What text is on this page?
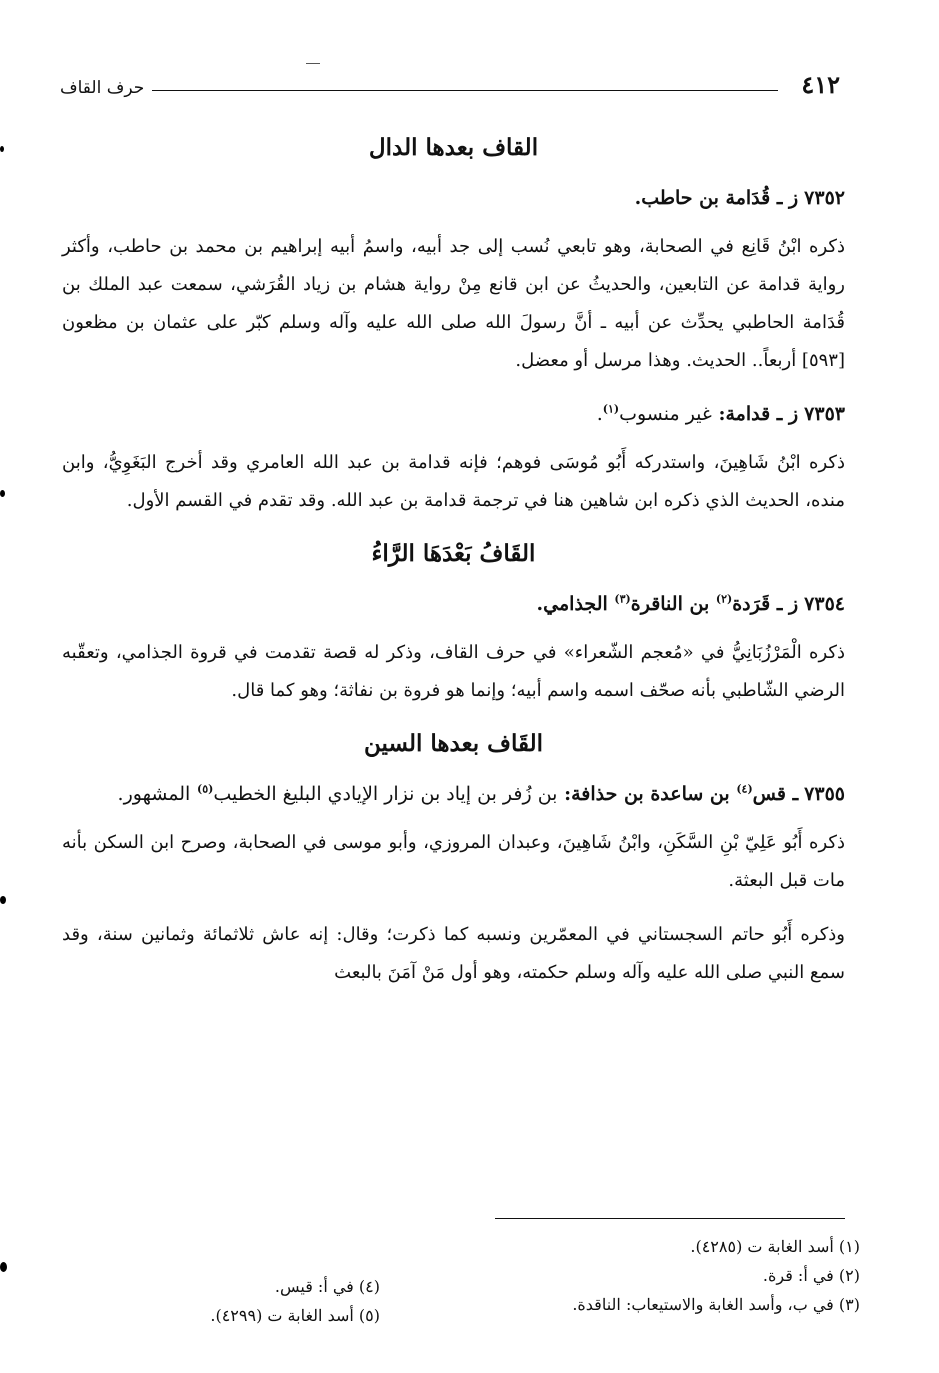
٤١٢
حرف القاف
القاف بعدها الدال
٧٣٥٢ز ـ قُدَامة بن حاطب.

ذكره ابْنُ قَانِع في الصحابة، وهو تابعي نُسب إلى جد أبيه، واسمُ أبيه إبراهيم بن محمد بن حاطب، وأكثر رواية قدامة عن التابعين، والحديثُ عن ابن قانع مِنْ رواية هشام بن زياد القُرَشي، سمعت عبد الملك بن قُدَامة الحاطبي يحدِّث عن أبيه ـ أنَّ رسولَ الله صلى الله عليه وآله وسلم كبّر على عثمان بن مظعون [٥٩٣] أربعاً.. الحديث. وهذا مرسل أو معضل.

٧٣٥٣ز ـ قدامة: غير منسوب$^{(١)}$.

ذكره ابْنُ شَاهِينَ، واستدركه أَبُو مُوسَى فوهم؛ فإنه قدامة بن عبد الله العامري وقد أخرج البَغَوِيُّ، وابن منده، الحديث الذي ذكره ابن شاهين هنا في ترجمة قدامة بن عبد الله. وقد تقدم في القسم الأول.

القَافُ بَعْدَهَا الرَّاءُ
٧٣٥٤ز ـ قَرَدة$^{(٢)}$ بن الناقرة$^{(٣)}$ الجذامي.

ذكره الْمَرْزُبَانِيُّ في «مُعجم الشّعراء» في حرف القاف، وذكر له قصة تقدمت في قروة الجذامي، وتعقّبه الرضي الشّاطبي بأنه صحّف اسمه واسم أبيه؛ وإنما هو فروة بن نفاثة؛ وهو كما قال.

القَاف بعدها السين
٧٣٥٥ـ قس$^{(٤)}$ بن ساعدة بن حذافة: بن زُفر بن إياد بن نزار الإيادي البليغ الخطيب$^{(٥)}$ المشهور.

ذكره أَبُو عَلِيّ بْنِ السَّكَنِ، وابْنُ شَاهِينَ، وعبدان المروزي، وأبو موسى في الصحابة، وصرح ابن السكن بأنه مات قبل البعثة.

وذكره أَبُو حاتم السجستاني في المعمّرين ونسبه كما ذكرت؛ وقال: إنه عاش ثلاثمائة وثمانين سنة، وقد سمع النبي صلى الله عليه وآله وسلم حكمته، وهو أول مَنْ آمَنَ بالبعث

(١) أسد الغابة ت (٤٢٨٥).
(٢) في أ: قرة.
(٣) في ب، وأسد الغابة والاستيعاب: الناقدة.
(٤) في أ: قيس.
(٥) أسد الغابة ت (٤٢٩٩).
